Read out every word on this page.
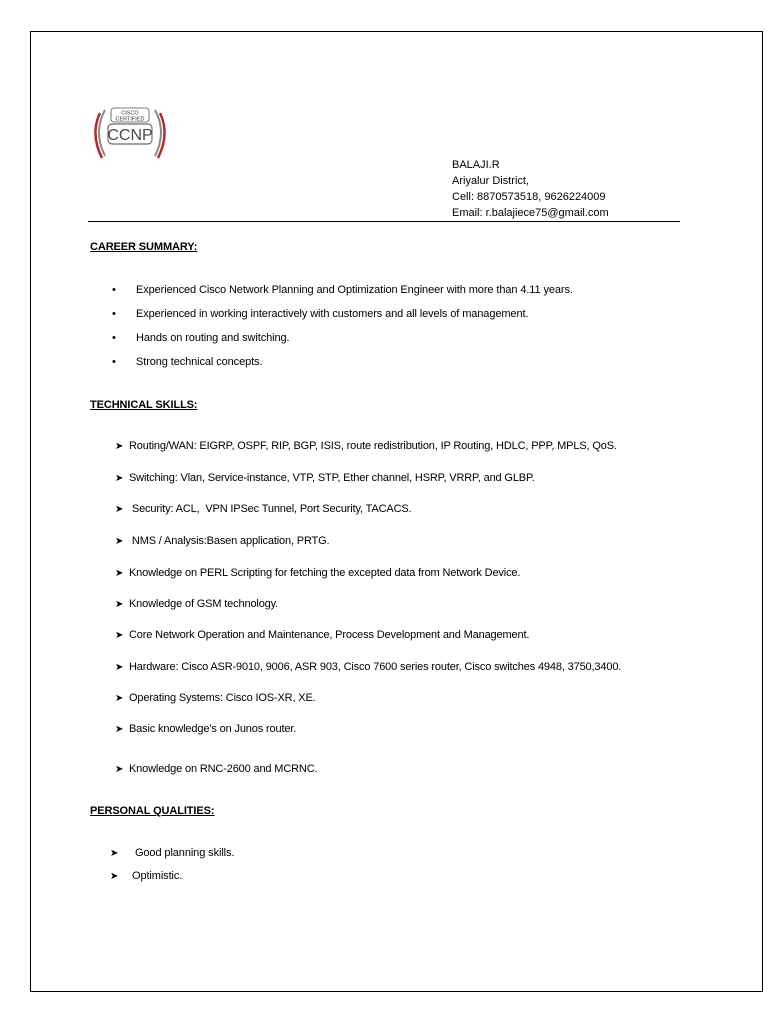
CISCO
CERTIFIED
CCNP
BALAJI.R
Ariyalur District,
Cell: 8870573518, 9626224009
Email: r.balajiece75@gmail.com
CAREER SUMMARY:
• Experienced Cisco Network Planning and Optimization Engineer with more than 4.11 years.
• Experienced in working interactively with customers and all levels of management.
• Hands on routing and switching.
• Strong technical concepts.
TECHNICAL SKILLS:
➤ Routing/WAN: EIGRP, OSPF, RIP, BGP, ISIS, route redistribution, IP Routing, HDLC, PPP, MPLS, QoS.
➤ Switching: Vlan, Service-instance, VTP, STP, Ether channel, HSRP, VRRP, and GLBP.
➤ Security: ACL,  VPN IPSec Tunnel, Port Security, TACACS.
➤ NMS / Analysis:Basen application, PRTG.
➤ Knowledge on PERL Scripting for fetching the excepted data from Network Device.
➤ Knowledge of GSM technology.
➤ Core Network Operation and Maintenance, Process Development and Management.
➤ Hardware: Cisco ASR-9010, 9006, ASR 903, Cisco 7600 series router, Cisco switches 4948, 3750,3400.
➤ Operating Systems: Cisco IOS-XR, XE.
➤ Basic knowledge’s on Junos router.
➤ Knowledge on RNC-2600 and MCRNC.
PERSONAL QUALITIES:
➤ Good planning skills.
➤ Optimistic.
